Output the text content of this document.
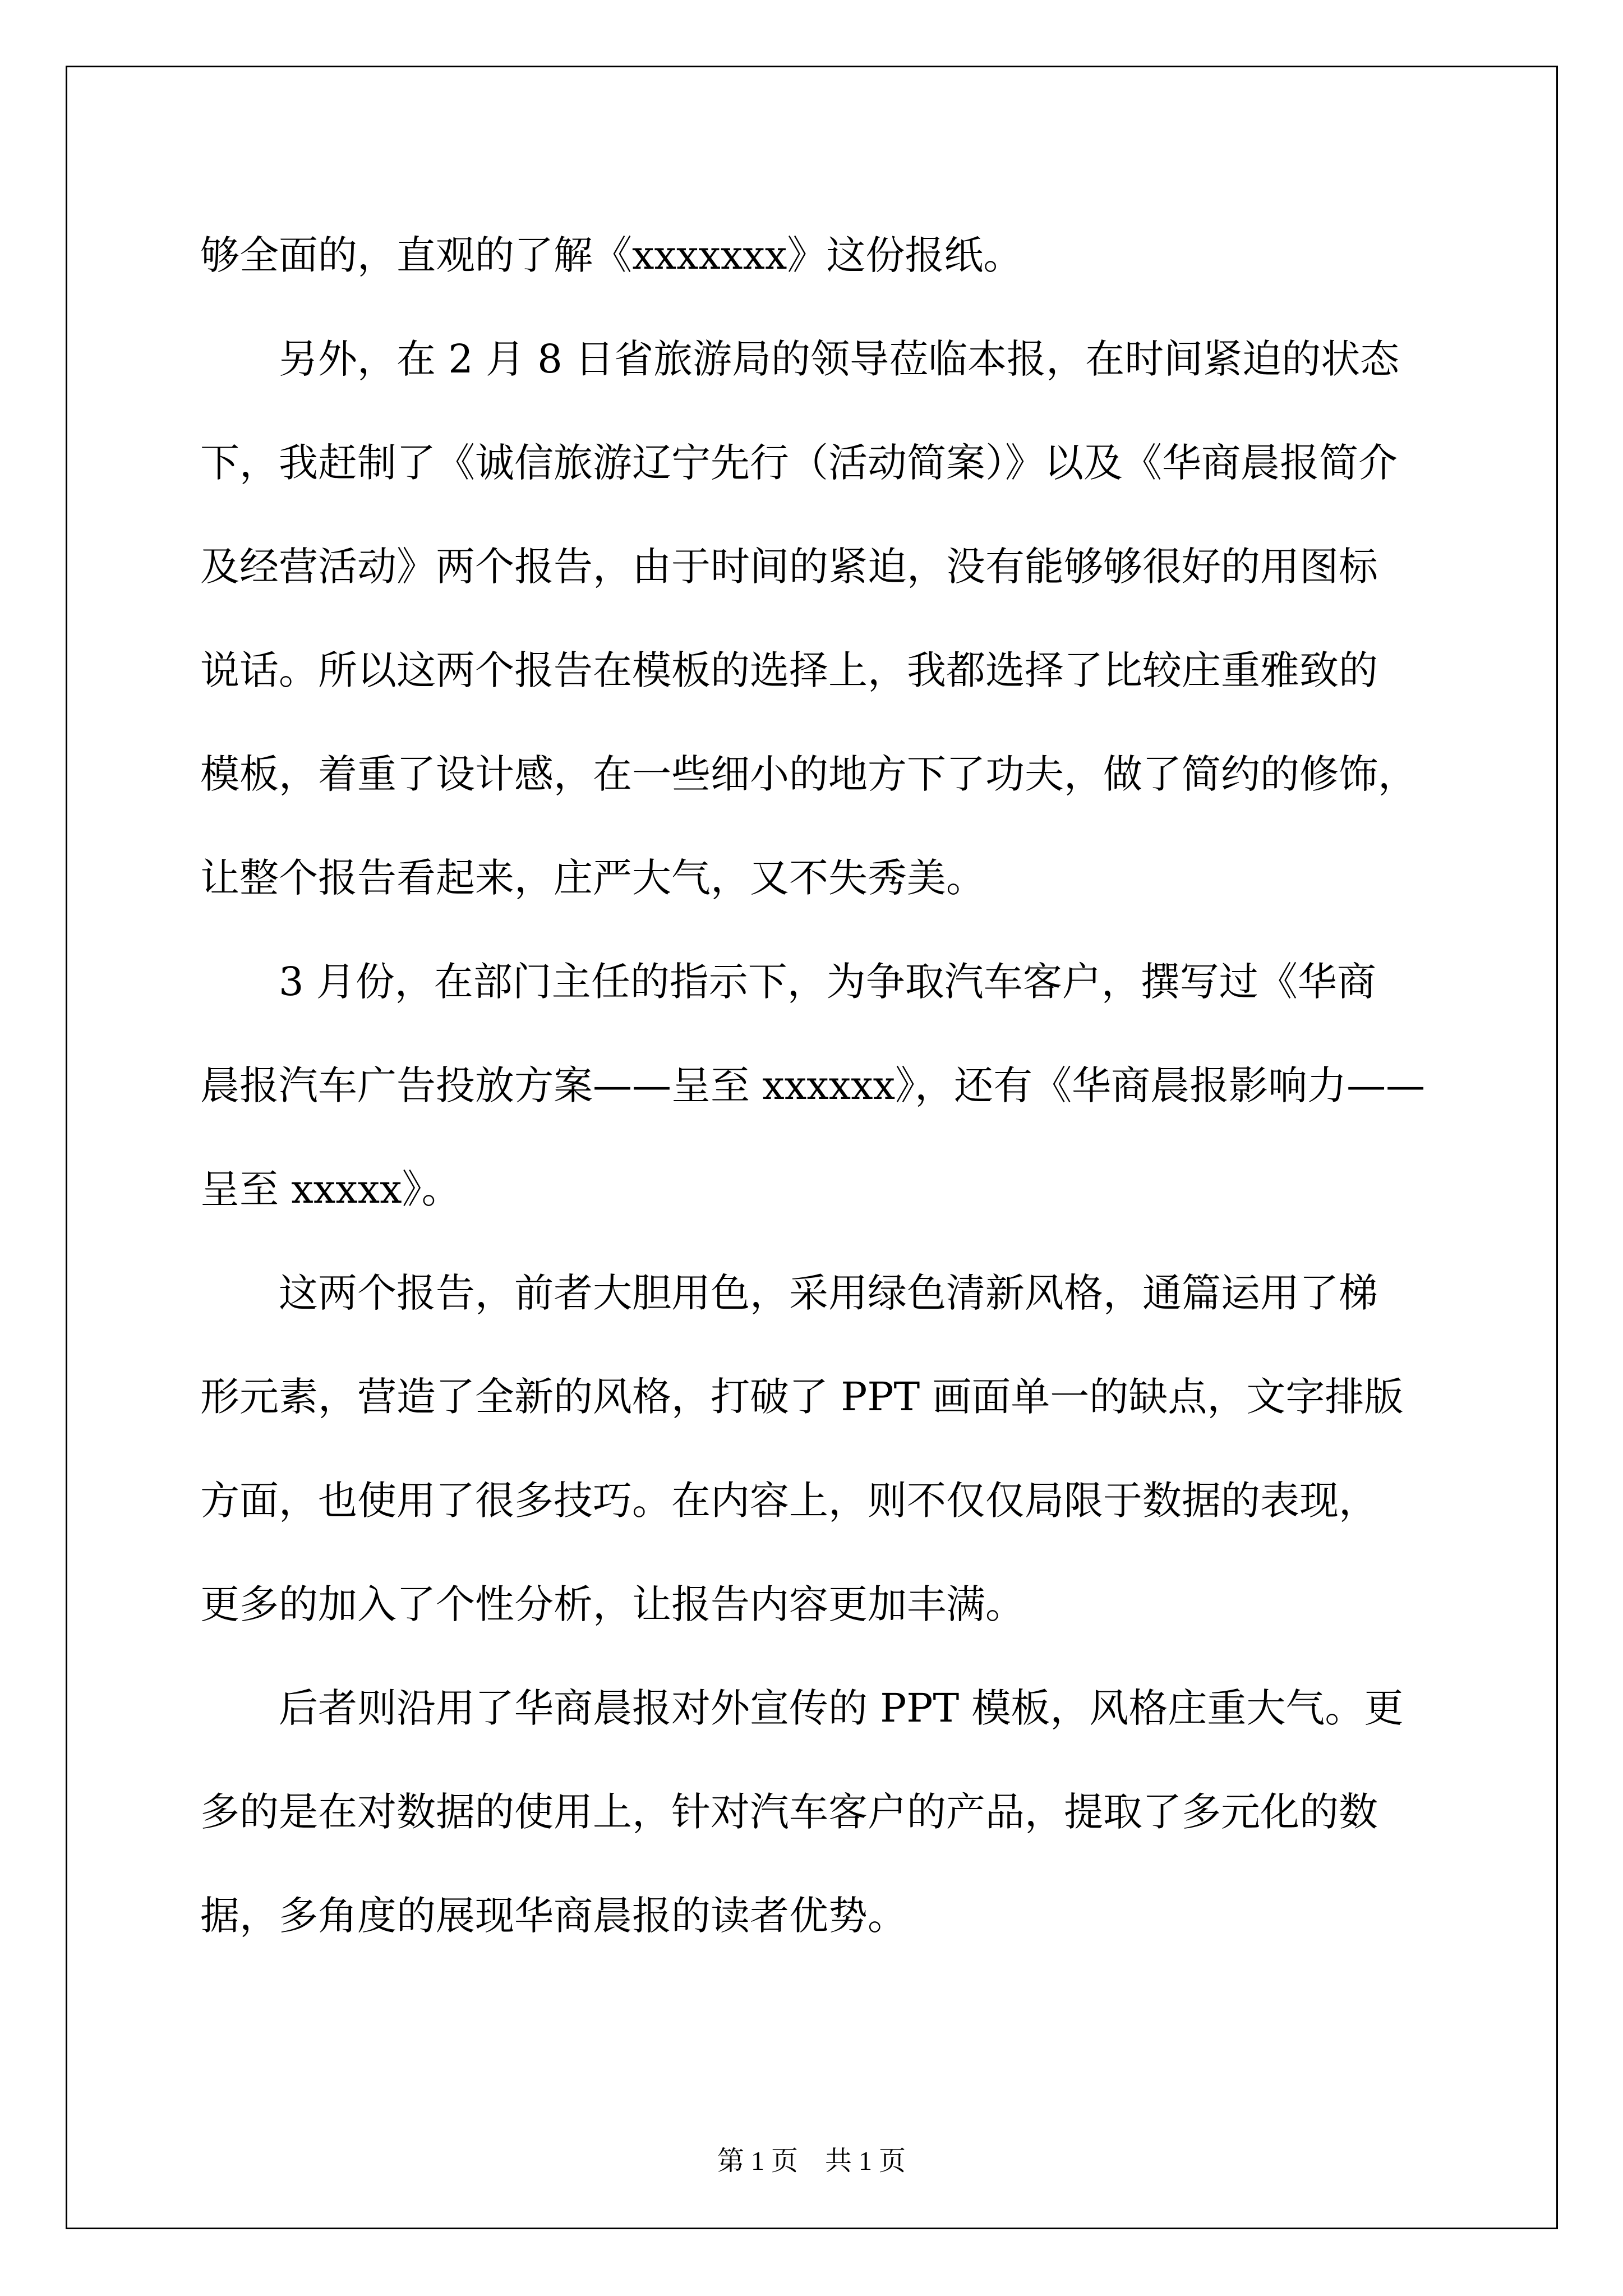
够全面的，直观的了解《xxxxxxx》这份报纸。

另外，在 2 月 8 日省旅游局的领导莅临本报，在时间紧迫的状态

下，我赶制了《诚信旅游辽宁先行（活动简案）》以及《华商晨报简介

及经营活动》两个报告，由于时间的紧迫，没有能够够很好的用图标

说话。所以这两个报告在模板的选择上，我都选择了比较庄重雅致的

模板，着重了设计感，在一些细小的地方下了功夫，做了简约的修饰，

让整个报告看起来，庄严大气，又不失秀美。

3 月份，在部门主任的指示下，为争取汽车客户，撰写过《华商

晨报汽车广告投放方案——呈至 xxxxxx》，还有《华商晨报影响力——

呈至 xxxxx》。

这两个报告，前者大胆用色，采用绿色清新风格，通篇运用了梯

形元素，营造了全新的风格，打破了 PPT 画面单一的缺点，文字排版

方面，也使用了很多技巧。在内容上，则不仅仅局限于数据的表现，

更多的加入了个性分析，让报告内容更加丰满。

后者则沿用了华商晨报对外宣传的 PPT 模板，风格庄重大气。更

多的是在对数据的使用上，针对汽车客户的产品，提取了多元化的数

据，多角度的展现华商晨报的读者优势。

第 1 页　共 1 页
